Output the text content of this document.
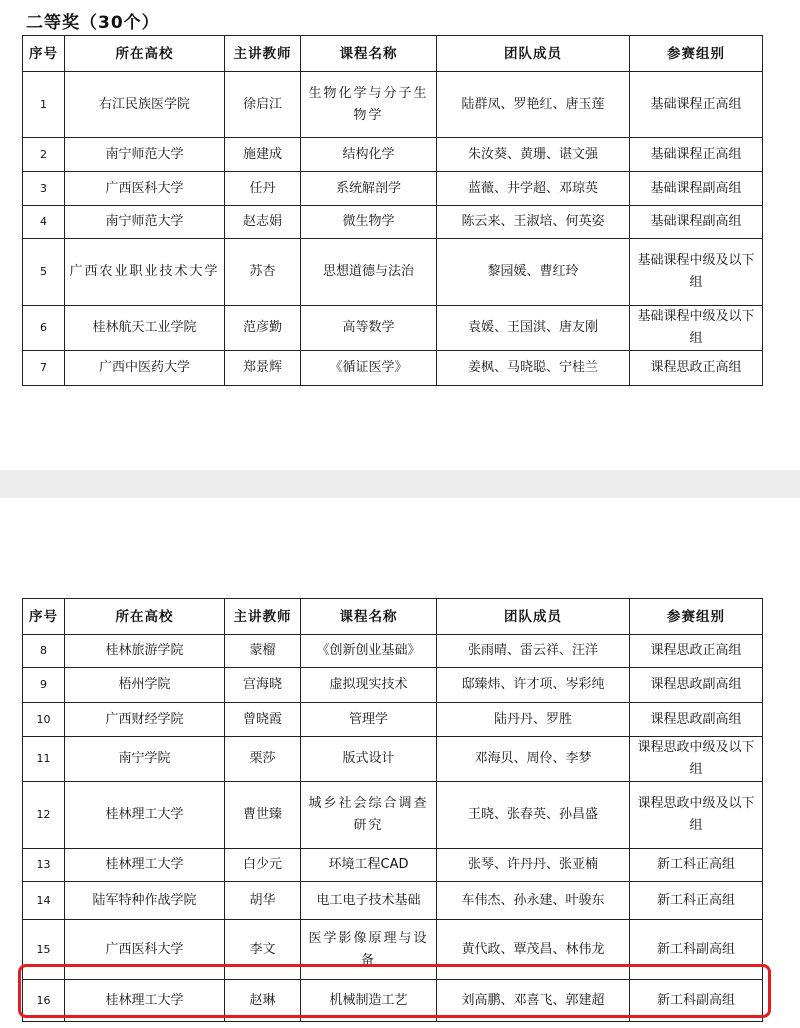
二等奖（30个）
序号	所在高校	主讲教师	课程名称	团队成员	参赛组别
1	右江民族医学院	徐启江	生物化学与分子生物学	陆群凤、罗艳红、唐玉莲	基础课程正高组
2	南宁师范大学	施建成	结构化学	朱汝葵、黄珊、谌文强	基础课程正高组
3	广西医科大学	任丹	系统解剖学	蓝薇、井学超、邓琼英	基础课程副高组
4	南宁师范大学	赵志娟	微生物学	陈云来、王淑培、何英姿	基础课程副高组
5	广西农业职业技术大学	苏杏	思想道德与法治	黎园媛、曹红玲	基础课程中级及以下组
6	桂林航天工业学院	范彦勤	高等数学	袁媛、王国淇、唐友刚	基础课程中级及以下组
7	广西中医药大学	郑景辉	《循证医学》	姜枫、马晓聪、宁桂兰	课程思政正高组
序号	所在高校	主讲教师	课程名称	团队成员	参赛组别
8	桂林旅游学院	蒙榴	《创新创业基础》	张雨晴、雷云祥、汪洋	课程思政正高组
9	梧州学院	宫海晓	虚拟现实技术	邸臻炜、许才项、岑彩纯	课程思政副高组
10	广西财经学院	曾晓霞	管理学	陆丹丹、罗胜	课程思政副高组
11	南宁学院	栗莎	版式设计	邓海贝、周伶、李梦	课程思政中级及以下组
12	桂林理工大学	曹世臻	城乡社会综合调查研究	王晓、张春英、孙昌盛	课程思政中级及以下组
13	桂林理工大学	白少元	环境工程CAD	张琴、许丹丹、张亚楠	新工科正高组
14	陆军特种作战学院	胡华	电工电子技术基础	车伟杰、孙永建、叶骏东	新工科正高组
15	广西医科大学	李文	医学影像原理与设备	黄代政、覃茂昌、林伟龙	新工科副高组
16	桂林理工大学	赵琳	机械制造工艺	刘高鹏、邓喜飞、郭建超	新工科副高组
